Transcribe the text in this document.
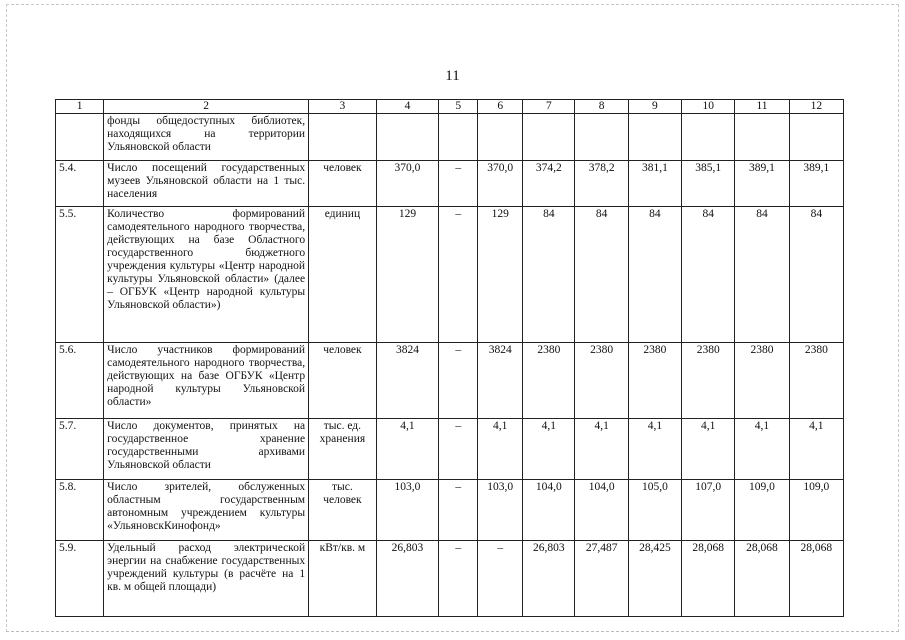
11
1	2	3	4	5	6	7	8	9	10	11	12
	фонды общедоступных библиотек, находящихся на территории Ульяновской области										
5.4.	Число посещений государственных музеев Ульяновской области на 1 тыс. населения	человек	370,0	–	370,0	374,2	378,2	381,1	385,1	389,1	389,1
5.5.	Количество формирований самодеятельного народного творчества, действующих на базе Областного государственного бюджетного учреждения культуры «Центр народной культуры Ульяновской области» (далее – ОГБУК «Центр народной культуры Ульяновской области»)	единиц	129	–	129	84	84	84	84	84	84
5.6.	Число участников формирований самодеятельного народного творчества, действующих на базе ОГБУК «Центр народной культуры Ульяновской области»	человек	3824	–	3824	2380	2380	2380	2380	2380	2380
5.7.	Число документов, принятых на государственное хранение государственными архивами Ульяновской области	тыс. ед. хранения	4,1	–	4,1	4,1	4,1	4,1	4,1	4,1	4,1
5.8.	Число зрителей, обслуженных областным государственным автономным учреждением культуры «УльяновскКинофонд»	тыс. человек	103,0	–	103,0	104,0	104,0	105,0	107,0	109,0	109,0
5.9.	Удельный расход электрической энергии на снабжение государственных учреждений культуры (в расчёте на 1 кв. м общей площади)	кВт/кв. м	26,803	–	–	26,803	27,487	28,425	28,068	28,068	28,068
